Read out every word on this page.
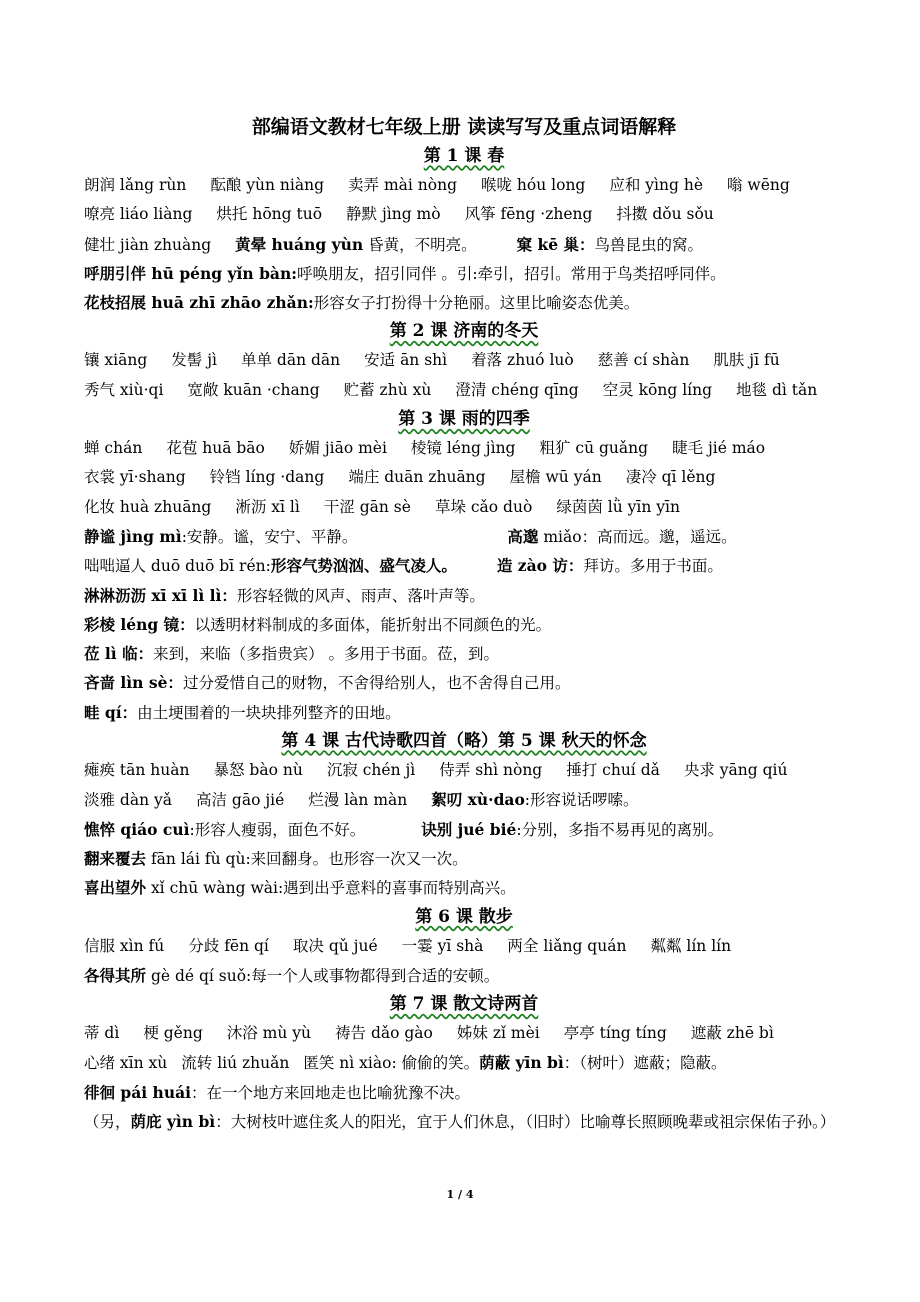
部编语文教材七年级上册 读读写写及重点词语解释
第 1 课 春
朗润 lǎng rùn 酝酿 yùn niàng 卖弄 mài nòng 喉咙 hóu long 应和 yìng hè 嗡 wēng
嘹亮 liáo liàng 烘托 hōng tuō 静默 jìng mò 风筝 fēng ·zheng 抖擞 dǒu sǒu
健壮 jiàn zhuàng 黄晕 huáng yùn 昏黄，不明亮。	窠 kē 巢：鸟兽昆虫的窝。
呼朋引伴 hū péng yǐn bàn:呼唤朋友，招引同伴 。引:牵引，招引。常用于鸟类招呼同伴。
花枝招展 huā zhī zhāo zhǎn:形容女子打扮得十分艳丽。这里比喻姿态优美。
第 2 课 济南的冬天
镶 xiāng 发髻 jì 单单 dān dān 安适 ān shì 着落 zhuó luò 慈善 cí shàn 肌肤 jī fū
秀气 xiù·qi 宽敞 kuān ·chang 贮蓄 zhù xù 澄清 chéng qīng 空灵 kōng líng 地毯 dì tǎn
第 3 课 雨的四季
蝉 chán 花苞 huā bāo 娇媚 jiāo mèi 棱镜 léng jìng 粗犷 cū guǎng 睫毛 jié máo
衣裳 yī·shang 铃铛 líng ·dang 端庄 duān zhuāng 屋檐 wū yán 凄冷 qī lěng
化妆 huà zhuāng 淅沥 xī lì 干涩 gān sè 草垛 cǎo duò 绿茵茵 lǜ yīn yīn
静谧 jìng mì:安静。谧，安宁、平静。	高邈 miǎo：高而远。邈，遥远。
咄咄逼人 duō duō bī rén:形容气势汹汹、盛气凌人。	造 zào 访：拜访。多用于书面。
淋淋沥沥 xī xī lì lì：形容轻微的风声、雨声、落叶声等。
彩棱 léng 镜：以透明材料制成的多面体，能折射出不同颜色的光。
莅 lì 临：来到，来临（多指贵宾） 。多用于书面。莅，到。
吝啬 lìn sè：过分爱惜自己的财物，不舍得给别人，也不舍得自己用。
畦 qí：由土埂围着的一块块排列整齐的田地。
第 4 课 古代诗歌四首（略）第 5 课 秋天的怀念
瘫痪 tān huàn 暴怒 bào nù 沉寂 chén jì 侍弄 shì nòng 捶打 chuí dǎ 央求 yāng qiú
淡雅 dàn yǎ 高洁 gāo jié 烂漫 làn màn 絮叨 xù·dao:形容说话啰嗦。
憔悴 qiáo cuì:形容人瘦弱，面色不好。	诀别 jué bié:分别，多指不易再见的离别。
翻来覆去 fān lái fù qù:来回翻身。也形容一次又一次。
喜出望外 xǐ chū wàng wài:遇到出乎意料的喜事而特别高兴。
第 6 课 散步
信服 xìn fú 分歧 fēn qí 取决 qǔ jué 一霎 yī shà 两全 liǎng quán 粼粼 lín lín
各得其所 gè dé qí suǒ:每一个人或事物都得到合适的安顿。
第 7 课 散文诗两首
蒂 dì 梗 gěng 沐浴 mù yù 祷告 dǎo gào 姊妹 zǐ mèi 亭亭 tíng tíng 遮蔽 zhē bì
心绪 xīn xù 流转 liú zhuǎn 匿笑 nì xiào: 偷偷的笑。荫蔽 yīn bì：（树叶）遮蔽；隐蔽。
徘徊 pái huái：在一个地方来回地走也比喻犹豫不决。
（另，荫庇 yìn bì：大树枝叶遮住炙人的阳光，宜于人们休息，（旧时）比喻尊长照顾晚辈或祖宗保佑子孙。）
1 / 4
